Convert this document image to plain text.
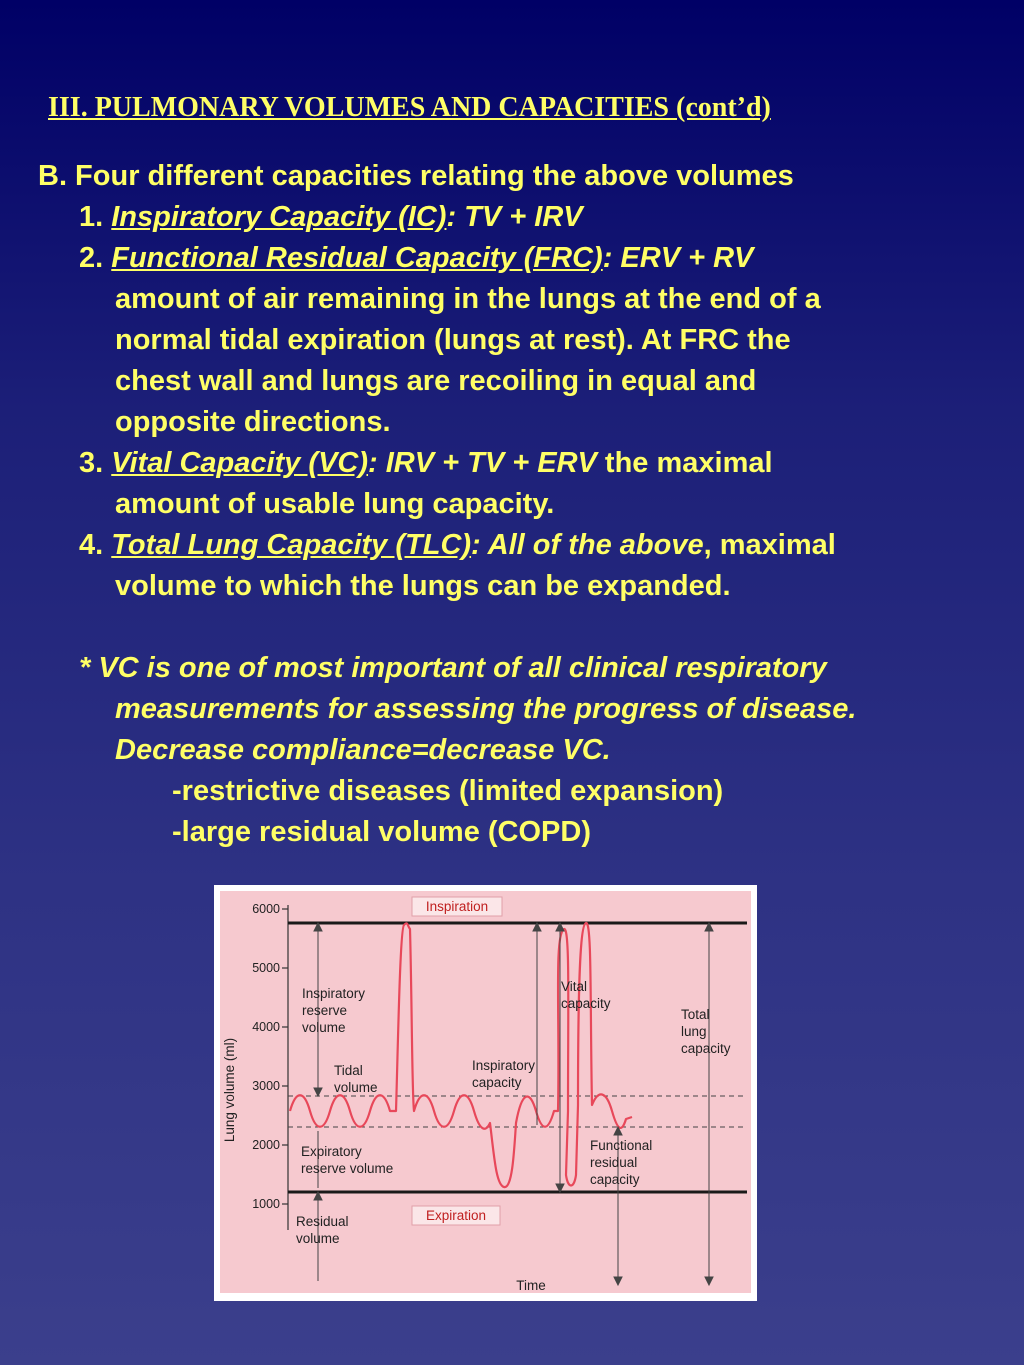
III. PULMONARY VOLUMES AND CAPACITIES (cont’d)
B. Four different capacities relating the above volumes
1. Inspiratory Capacity (IC): TV + IRV
2. Functional Residual Capacity (FRC): ERV + RV
amount of air remaining in the lungs at the end of a
normal tidal expiration (lungs at rest). At FRC the
chest wall and lungs are recoiling in equal and
opposite directions.
3. Vital Capacity (VC): IRV + TV + ERV the maximal
amount of usable lung capacity.
4. Total Lung Capacity (TLC): All of the above, maximal
volume to which the lungs can be expanded.
* VC is one of most important of all clinical respiratory
measurements for assessing the progress of disease.
Decrease compliance=decrease VC.
-restrictive diseases (limited expansion)
-large residual volume (COPD)
6000
5000
4000
3000
2000
1000
Lung volume (ml)
Inspiration
Expiration
Inspiratory reserve volume
Tidal volume
Expiratory reserve volume
Residual volume
Inspiratory capacity
Vital capacity
Total lung capacity
Functional residual capacity
Time
